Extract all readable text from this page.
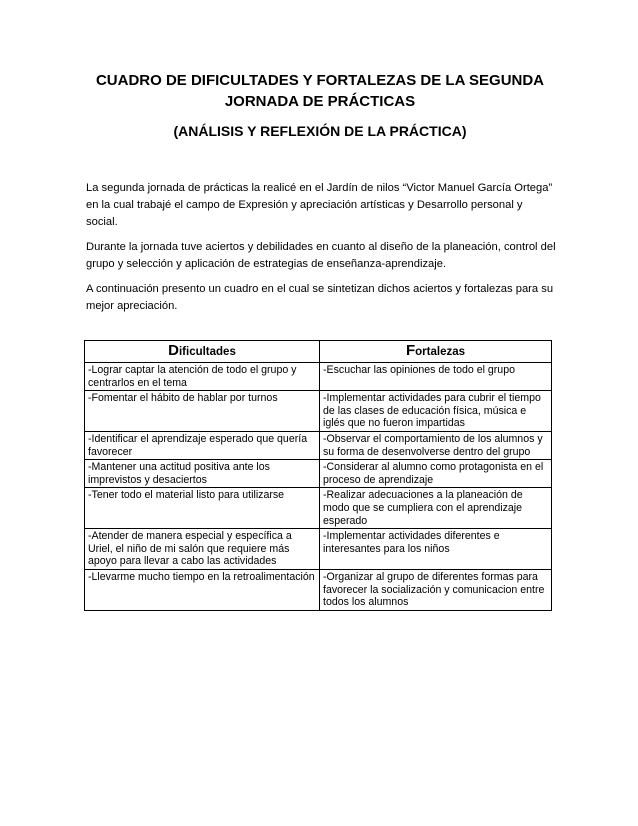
CUADRO DE DIFICULTADES Y FORTALEZAS DE LA SEGUNDA JORNADA DE PRÁCTICAS
(ANÁLISIS Y REFLEXIÓN DE LA PRÁCTICA)

La segunda jornada de prácticas la realicé en el Jardín de nilos “Victor Manuel García Ortega” en la cual trabajé el campo de Expresión y apreciación artísticas y Desarrollo personal y social.

Durante la jornada tuve aciertos y debilidades en cuanto al diseño de la planeación, control del grupo y selección y aplicación de estrategias de enseñanza-aprendizaje.

A continuación presento un cuadro en el cual se sintetizan dichos aciertos y fortalezas para su mejor apreciación.

Dificultades	Fortalezas
-Lograr captar la atención de todo el grupo y centrarlos en el tema	-Escuchar las opiniones de todo el grupo
-Fomentar el hábito de hablar por turnos	-Implementar actividades para cubrir el tiempo de las clases de educación física, música e iglés que no fueron impartidas
-Identificar el aprendizaje esperado que quería favorecer	-Observar el comportamiento de los alumnos y su forma de desenvolverse dentro del grupo
-Mantener una actitud positiva ante los imprevistos y desaciertos	-Considerar al alumno como protagonista en el proceso de aprendizaje
-Tener todo el material listo para utilizarse	-Realizar adecuaciones a la planeación de modo que se cumpliera con el aprendizaje esperado
-Atender de manera especial y específica a Uriel, el niño de mi salón que requiere más apoyo para llevar a cabo las actividades	-Implementar actividades diferentes e interesantes para los niños
-Llevarme mucho tiempo en la retroalimentación	-Organizar al grupo de diferentes formas para favorecer la socialización y comunicacion entre todos los alumnos
